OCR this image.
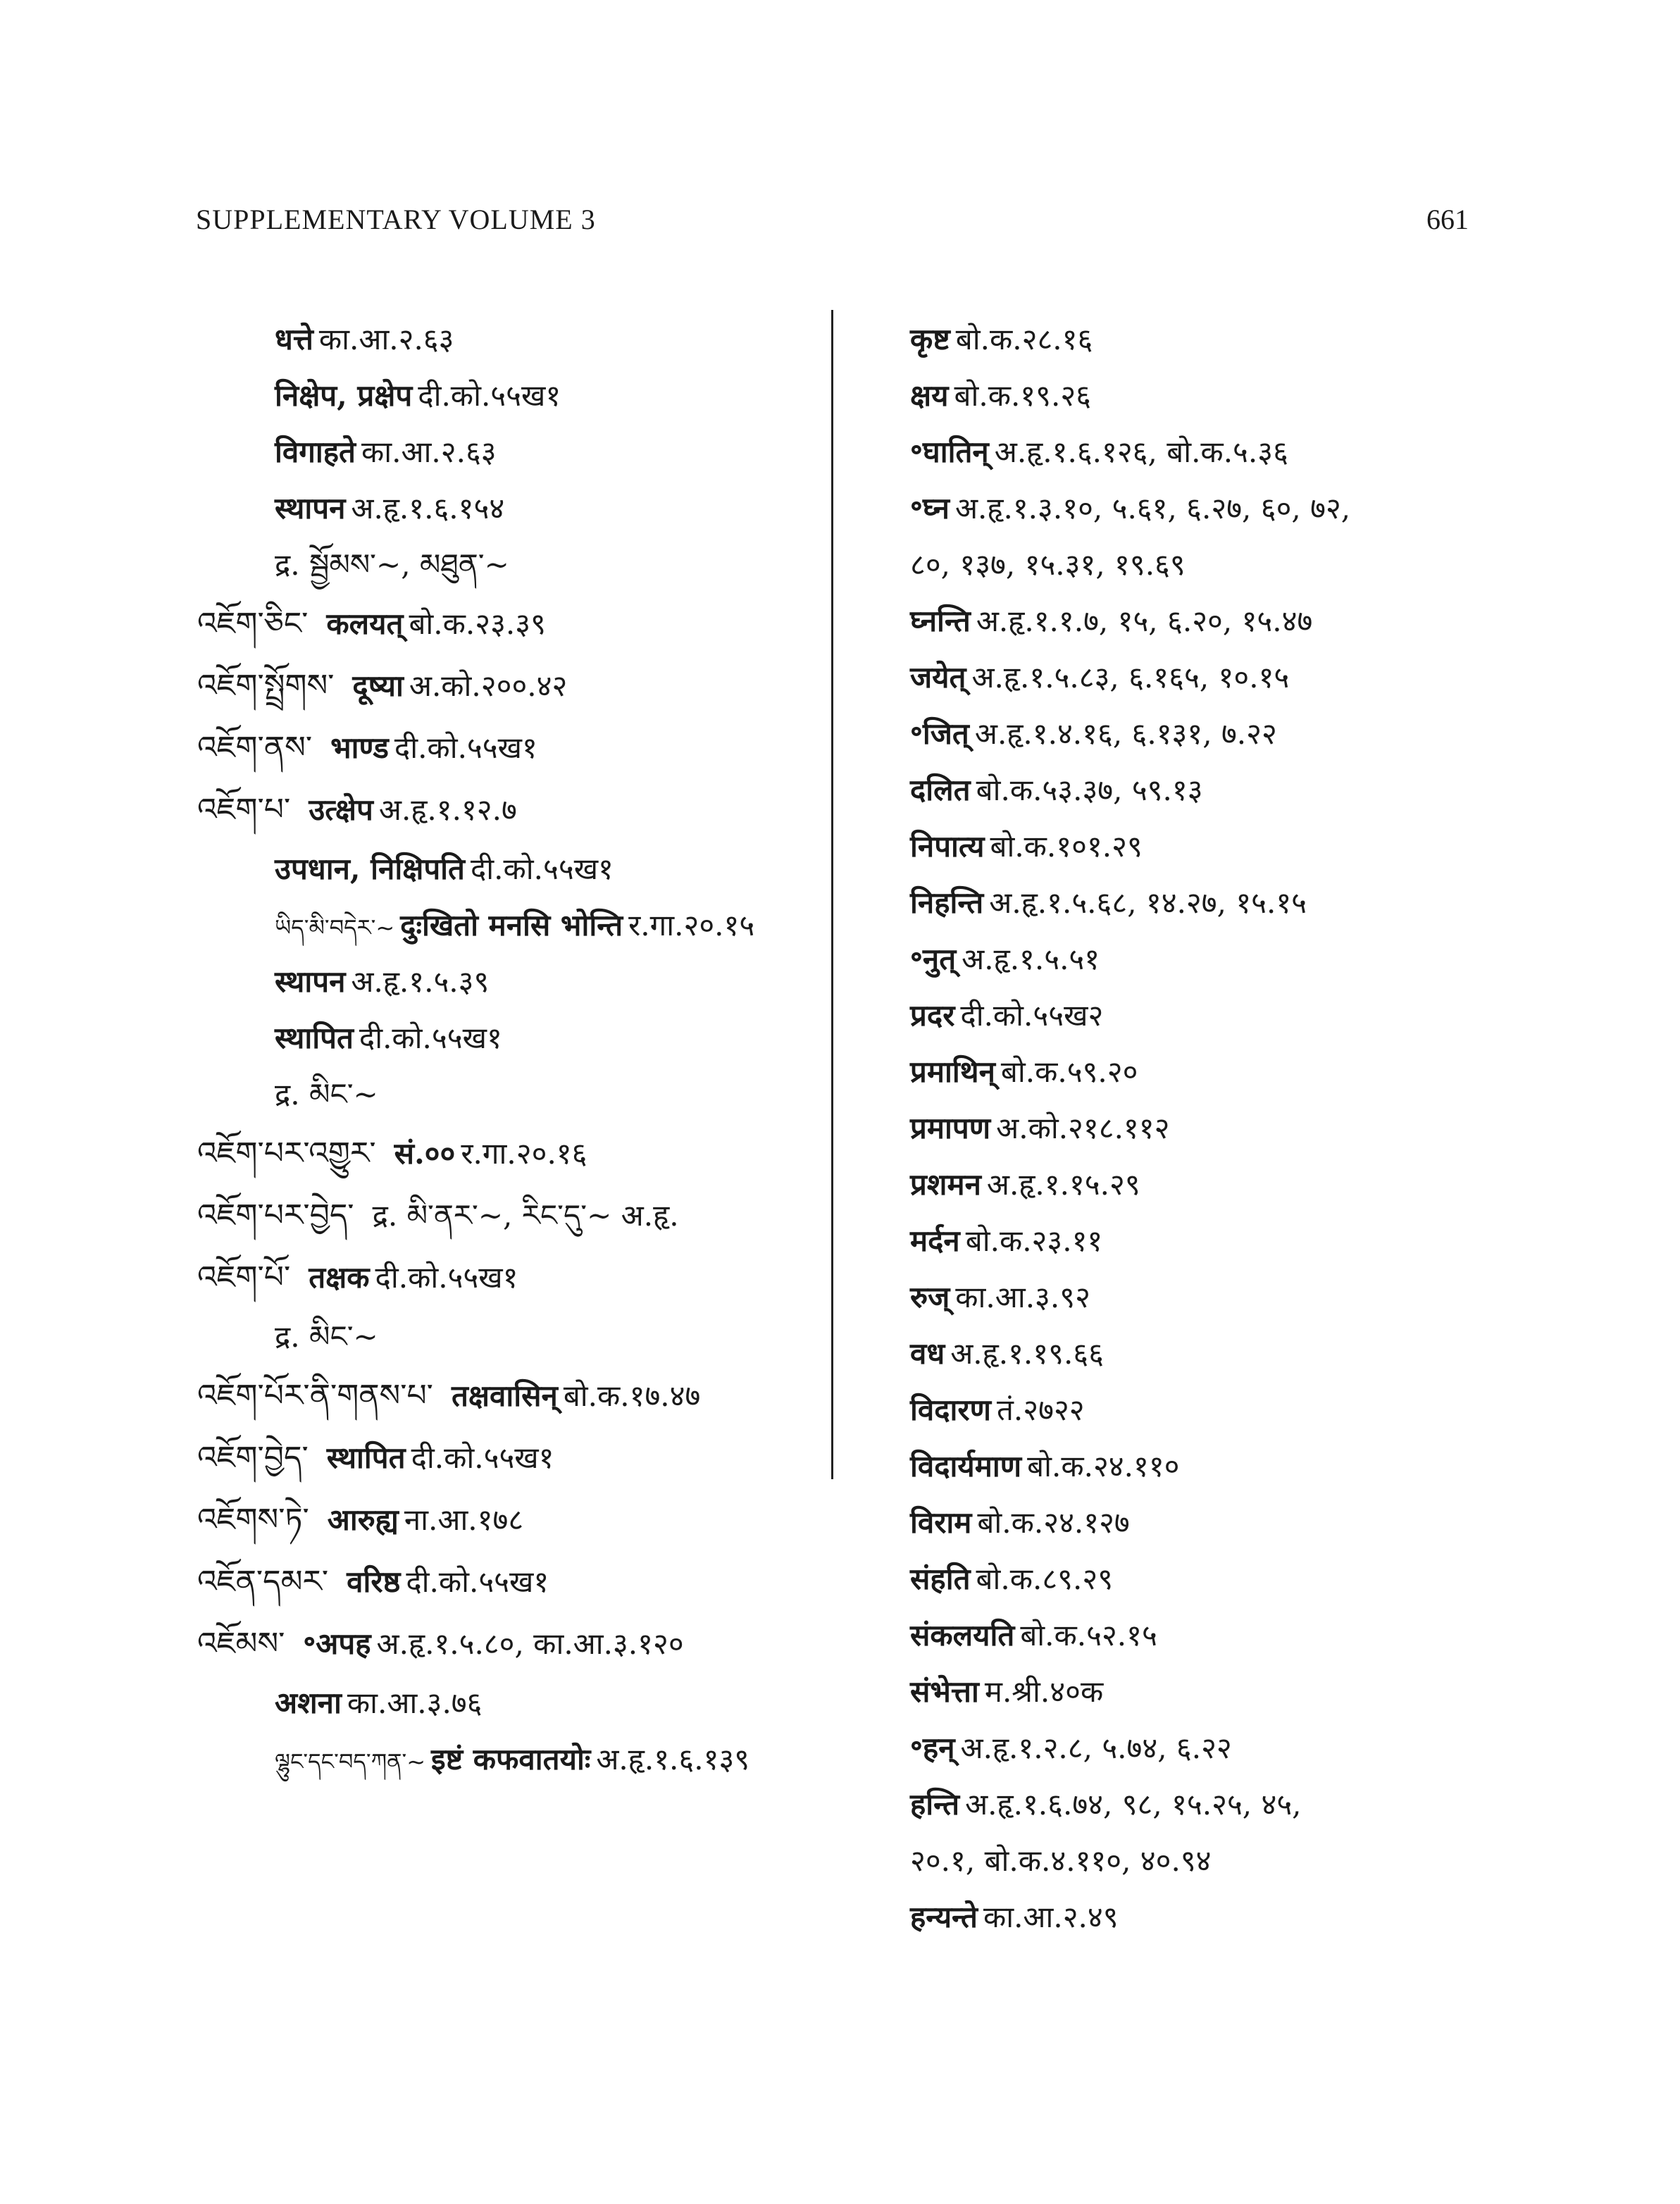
SUPPLEMENTARY VOLUME 3	661
धत्ते का.आ.२.६३
निक्षेप, प्रक्षेप दी.को.५५ख१
विगाहते का.आ.२.६३
स्थापन अ.हृ.१.६.१५४
द्र. སྦྱོམས་~, མཐུན་~
འཇོག་ཅིང་ कलयत् बो.क.२३.३९
འཇོག་སྤྲོགས་ दूष्या अ.को.२००.४२
འཇོག་ནས་ भाण्ड दी.को.५५ख१
འཇོག་པ་ उत्क्षेप अ.हृ.१.१२.७
उपधान, निक्षिपति दी.को.५५ख१
ཡིད་མི་བདེར་~ दुःखितो मनसि भोन्ति र.गा.२०.१५
स्थापन अ.हृ.१.५.३९
स्थापित दी.को.५५ख१
द्र. མིང་~
འཇོག་པར་འགྱུར་ सं.०० र.गा.२०.१६
འཇོག་པར་བྱེད་ द्र. མི་ནར་~, རིང་དུ་~ अ.हृ.
འཇོག་པོ་ तक्षक दी.को.५५ख१
द्र. མིང་~
འཇོག་པོར་ནི་གནས་པ་ तक्षवासिन् बो.क.१७.४७
འཇོག་བྱེད་ स्थापित दी.को.५५ख१
འཇོགས་ཏེ་ आरुह्य ना.आ.१७८
འཇོན་དམར་ वरिष्ठ दी.को.५५ख१
འཇོམས་ ॰अपह अ.हृ.१.५.८०, का.आ.३.१२०
अशना का.आ.३.७६
ལྷུང་དང་བད་ཀན་~ इष्टं कफवातयोः अ.हृ.१.६.१३९
कृष्ट बो.क.२८.१६
क्षय बो.क.१९.२६
॰घातिन् अ.हृ.१.६.१२६, बो.क.५.३६
॰घ्न अ.हृ.१.३.१०, ५.६१, ६.२७, ६०, ७२,
८०, १३७, १५.३१, १९.६९
घ्नन्ति अ.हृ.१.१.७, १५, ६.२०, १५.४७
जयेत् अ.हृ.१.५.८३, ६.१६५, १०.१५
॰जित् अ.हृ.१.४.१६, ६.१३१, ७.२२
दलित बो.क.५३.३७, ५९.१३
निपात्य बो.क.१०१.२९
निहन्ति अ.हृ.१.५.६८, १४.२७, १५.१५
॰नुत् अ.हृ.१.५.५१
प्रदर दी.को.५५ख२
प्रमाथिन् बो.क.५९.२०
प्रमापण अ.को.२१८.११२
प्रशमन अ.हृ.१.१५.२९
मर्दन बो.क.२३.११
रुज् का.आ.३.९२
वध अ.हृ.१.१९.६६
विदारण तं.२७२२
विदार्यमाण बो.क.२४.११०
विराम बो.क.२४.१२७
संहति बो.क.८९.२९
संकलयति बो.क.५२.१५
संभेत्ता म.श्री.४०क
॰हन् अ.हृ.१.२.८, ५.७४, ६.२२
हन्ति अ.हृ.१.६.७४, ९८, १५.२५, ४५,
२०.१, बो.क.४.११०, ४०.९४
हन्यन्ते का.आ.२.४९
